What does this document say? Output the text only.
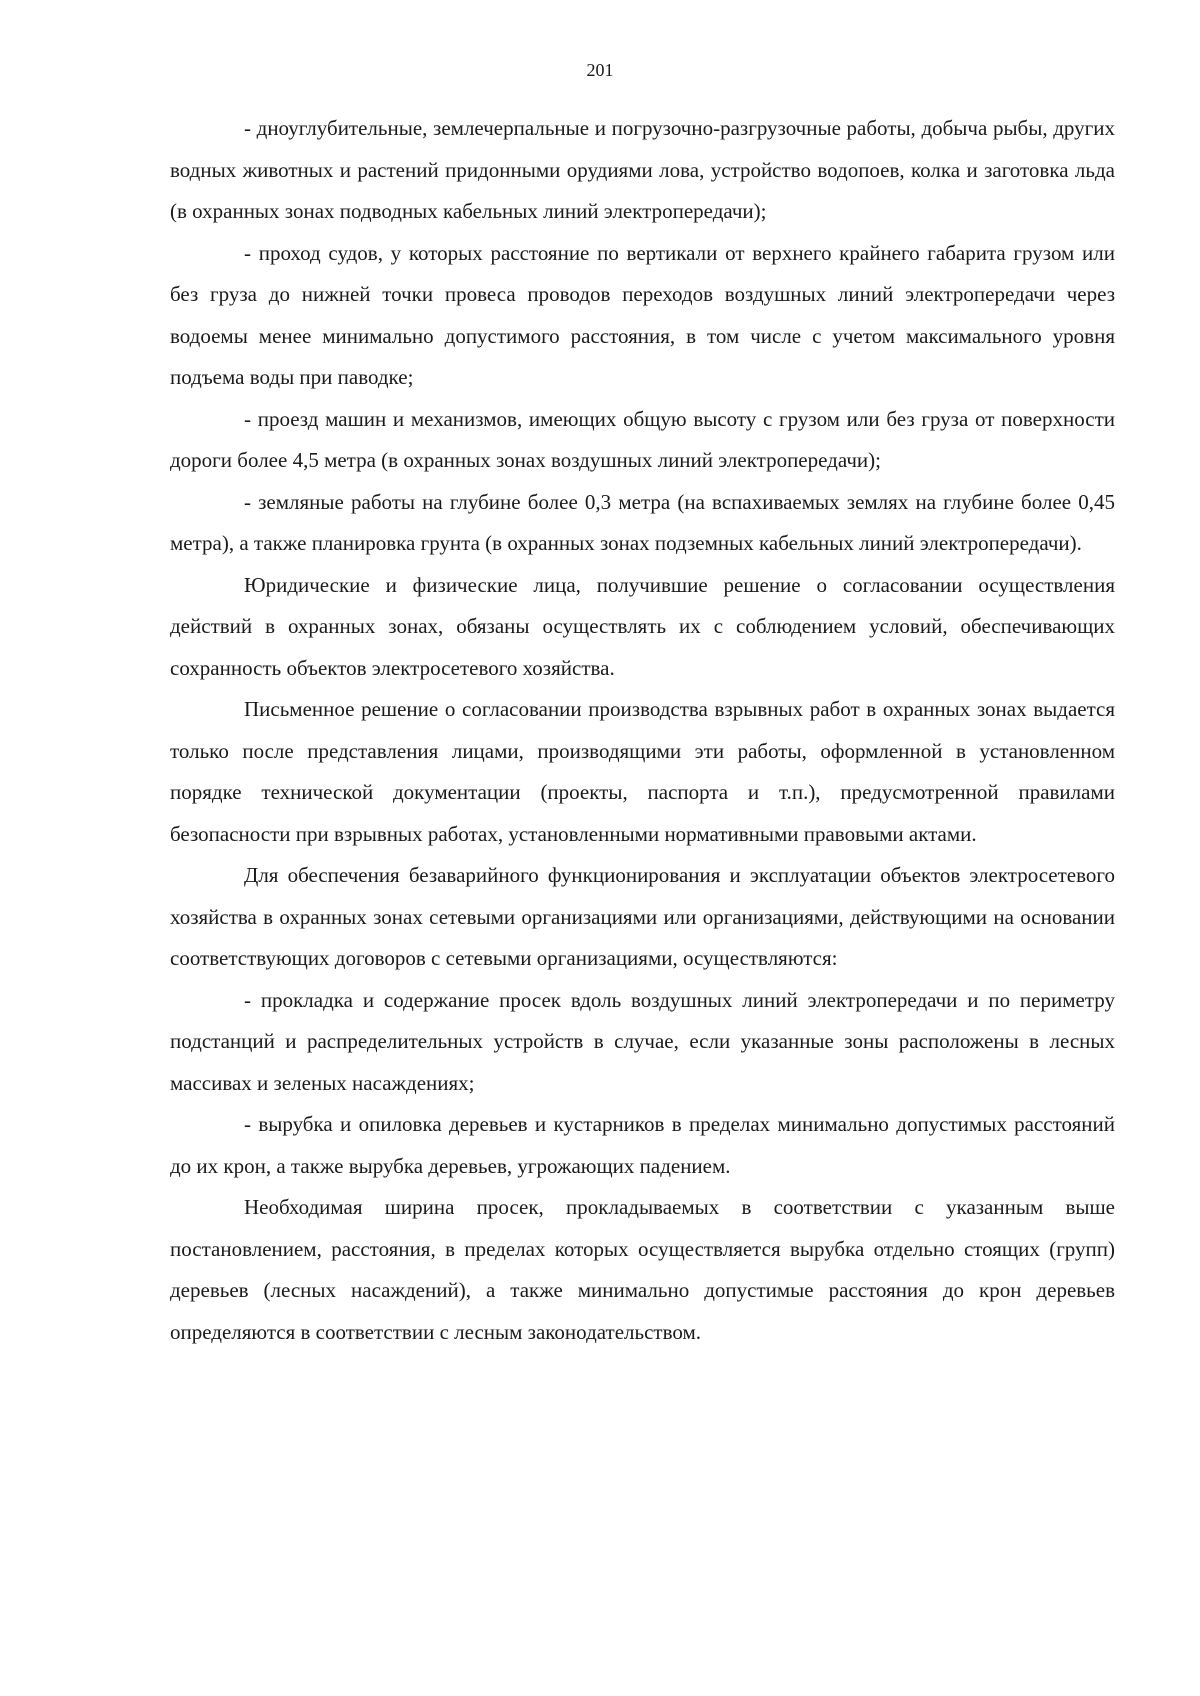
201

- дноуглубительные, землечерпальные и погрузочно-разгрузочные работы, добыча рыбы, других водных животных и растений придонными орудиями лова, устройство водопоев, колка и заготовка льда (в охранных зонах подводных кабельных линий электропередачи);

- проход судов, у которых расстояние по вертикали от верхнего крайнего габарита грузом или без груза до нижней точки провеса проводов переходов воздушных линий электропередачи через водоемы менее минимально допустимого расстояния, в том числе с учетом максимального уровня подъема воды при паводке;

- проезд машин и механизмов, имеющих общую высоту с грузом или без груза от поверхности дороги более 4,5 метра (в охранных зонах воздушных линий электропередачи);

- земляные работы на глубине более 0,3 метра (на вспахиваемых землях на глубине более 0,45 метра), а также планировка грунта (в охранных зонах подземных кабельных линий электропередачи).

Юридические и физические лица, получившие решение о согласовании осуществления действий в охранных зонах, обязаны осуществлять их с соблюдением условий, обеспечивающих сохранность объектов электросетевого хозяйства.

Письменное решение о согласовании производства взрывных работ в охранных зонах выдается только после представления лицами, производящими эти работы, оформленной в установленном порядке технической документации (проекты, паспорта и т.п.), предусмотренной правилами безопасности при взрывных работах, установленными нормативными правовыми актами.

Для обеспечения безаварийного функционирования и эксплуатации объектов электросетевого хозяйства в охранных зонах сетевыми организациями или организациями, действующими на основании соответствующих договоров с сетевыми организациями, осуществляются:

- прокладка и содержание просек вдоль воздушных линий электропередачи и по периметру подстанций и распределительных устройств в случае, если указанные зоны расположены в лесных массивах и зеленых насаждениях;

- вырубка и опиловка деревьев и кустарников в пределах минимально допустимых расстояний до их крон, а также вырубка деревьев, угрожающих падением.

Необходимая ширина просек, прокладываемых в соответствии с указанным выше постановлением, расстояния, в пределах которых осуществляется вырубка отдельно стоящих (групп) деревьев (лесных насаждений), а также минимально допустимые расстояния до крон деревьев определяются в соответствии с лесным законодательством.
